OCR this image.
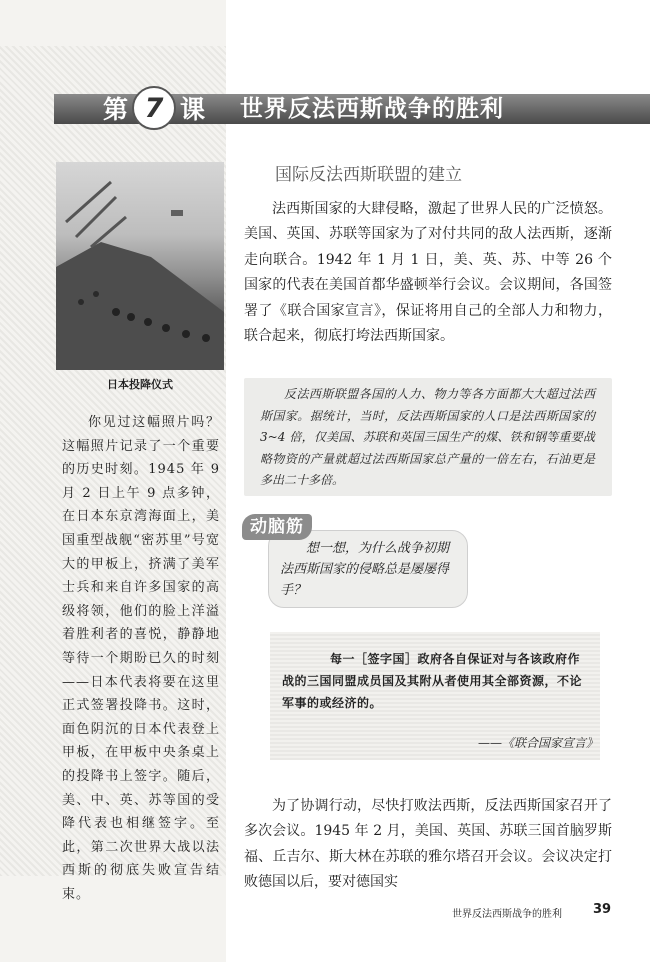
第 7 课 世界反法西斯战争的胜利
日本投降仪式

你见过这幅照片吗？这幅照片记录了一个重要的历史时刻。1945 年 9 月 2 日上午 9 点多钟，在日本东京湾海面上，美国重型战舰“密苏里”号宽大的甲板上，挤满了美军士兵和来自许多国家的高级将领，他们的脸上洋溢着胜利者的喜悦，静静地等待一个期盼已久的时刻——日本代表将要在这里正式签署投降书。这时，面色阴沉的日本代表登上甲板，在甲板中央条桌上的投降书上签字。随后，美、中、英、苏等国的受降代表也相继签字。至此，第二次世界大战以法西斯的彻底失败宣告结束。

国际反法西斯联盟的建立

法西斯国家的大肆侵略，激起了世界人民的广泛愤怒。美国、英国、苏联等国家为了对付共同的敌人法西斯，逐渐走向联合。1942 年 1 月 1 日，美、英、苏、中等 26 个国家的代表在美国首都华盛顿举行会议。会议期间，各国签署了《联合国家宣言》，保证将用自己的全部人力和物力，联合起来，彻底打垮法西斯国家。

反法西斯联盟各国的人力、物力等各方面都大大超过法西斯国家。据统计，当时，反法西斯国家的人口是法西斯国家的 3~4 倍，仅美国、苏联和英国三国生产的煤、铁和钢等重要战略物资的产量就超过法西斯国家总产量的一倍左右，石油更是多出二十多倍。

动脑筋

想一想，为什么战争初期法西斯国家的侵略总是屡屡得手？

每一［签字国］政府各自保证对与各该政府作战的三国同盟成员国及其附从者使用其全部资源，不论军事的或经济的。

——《联合国家宣言》

为了协调行动，尽快打败法西斯，反法西斯国家召开了多次会议。1945 年 2 月，美国、英国、苏联三国首脑罗斯福、丘吉尔、斯大林在苏联的雅尔塔召开会议。会议决定打败德国以后，要对德国实

世界反法西斯战争的胜利 39
